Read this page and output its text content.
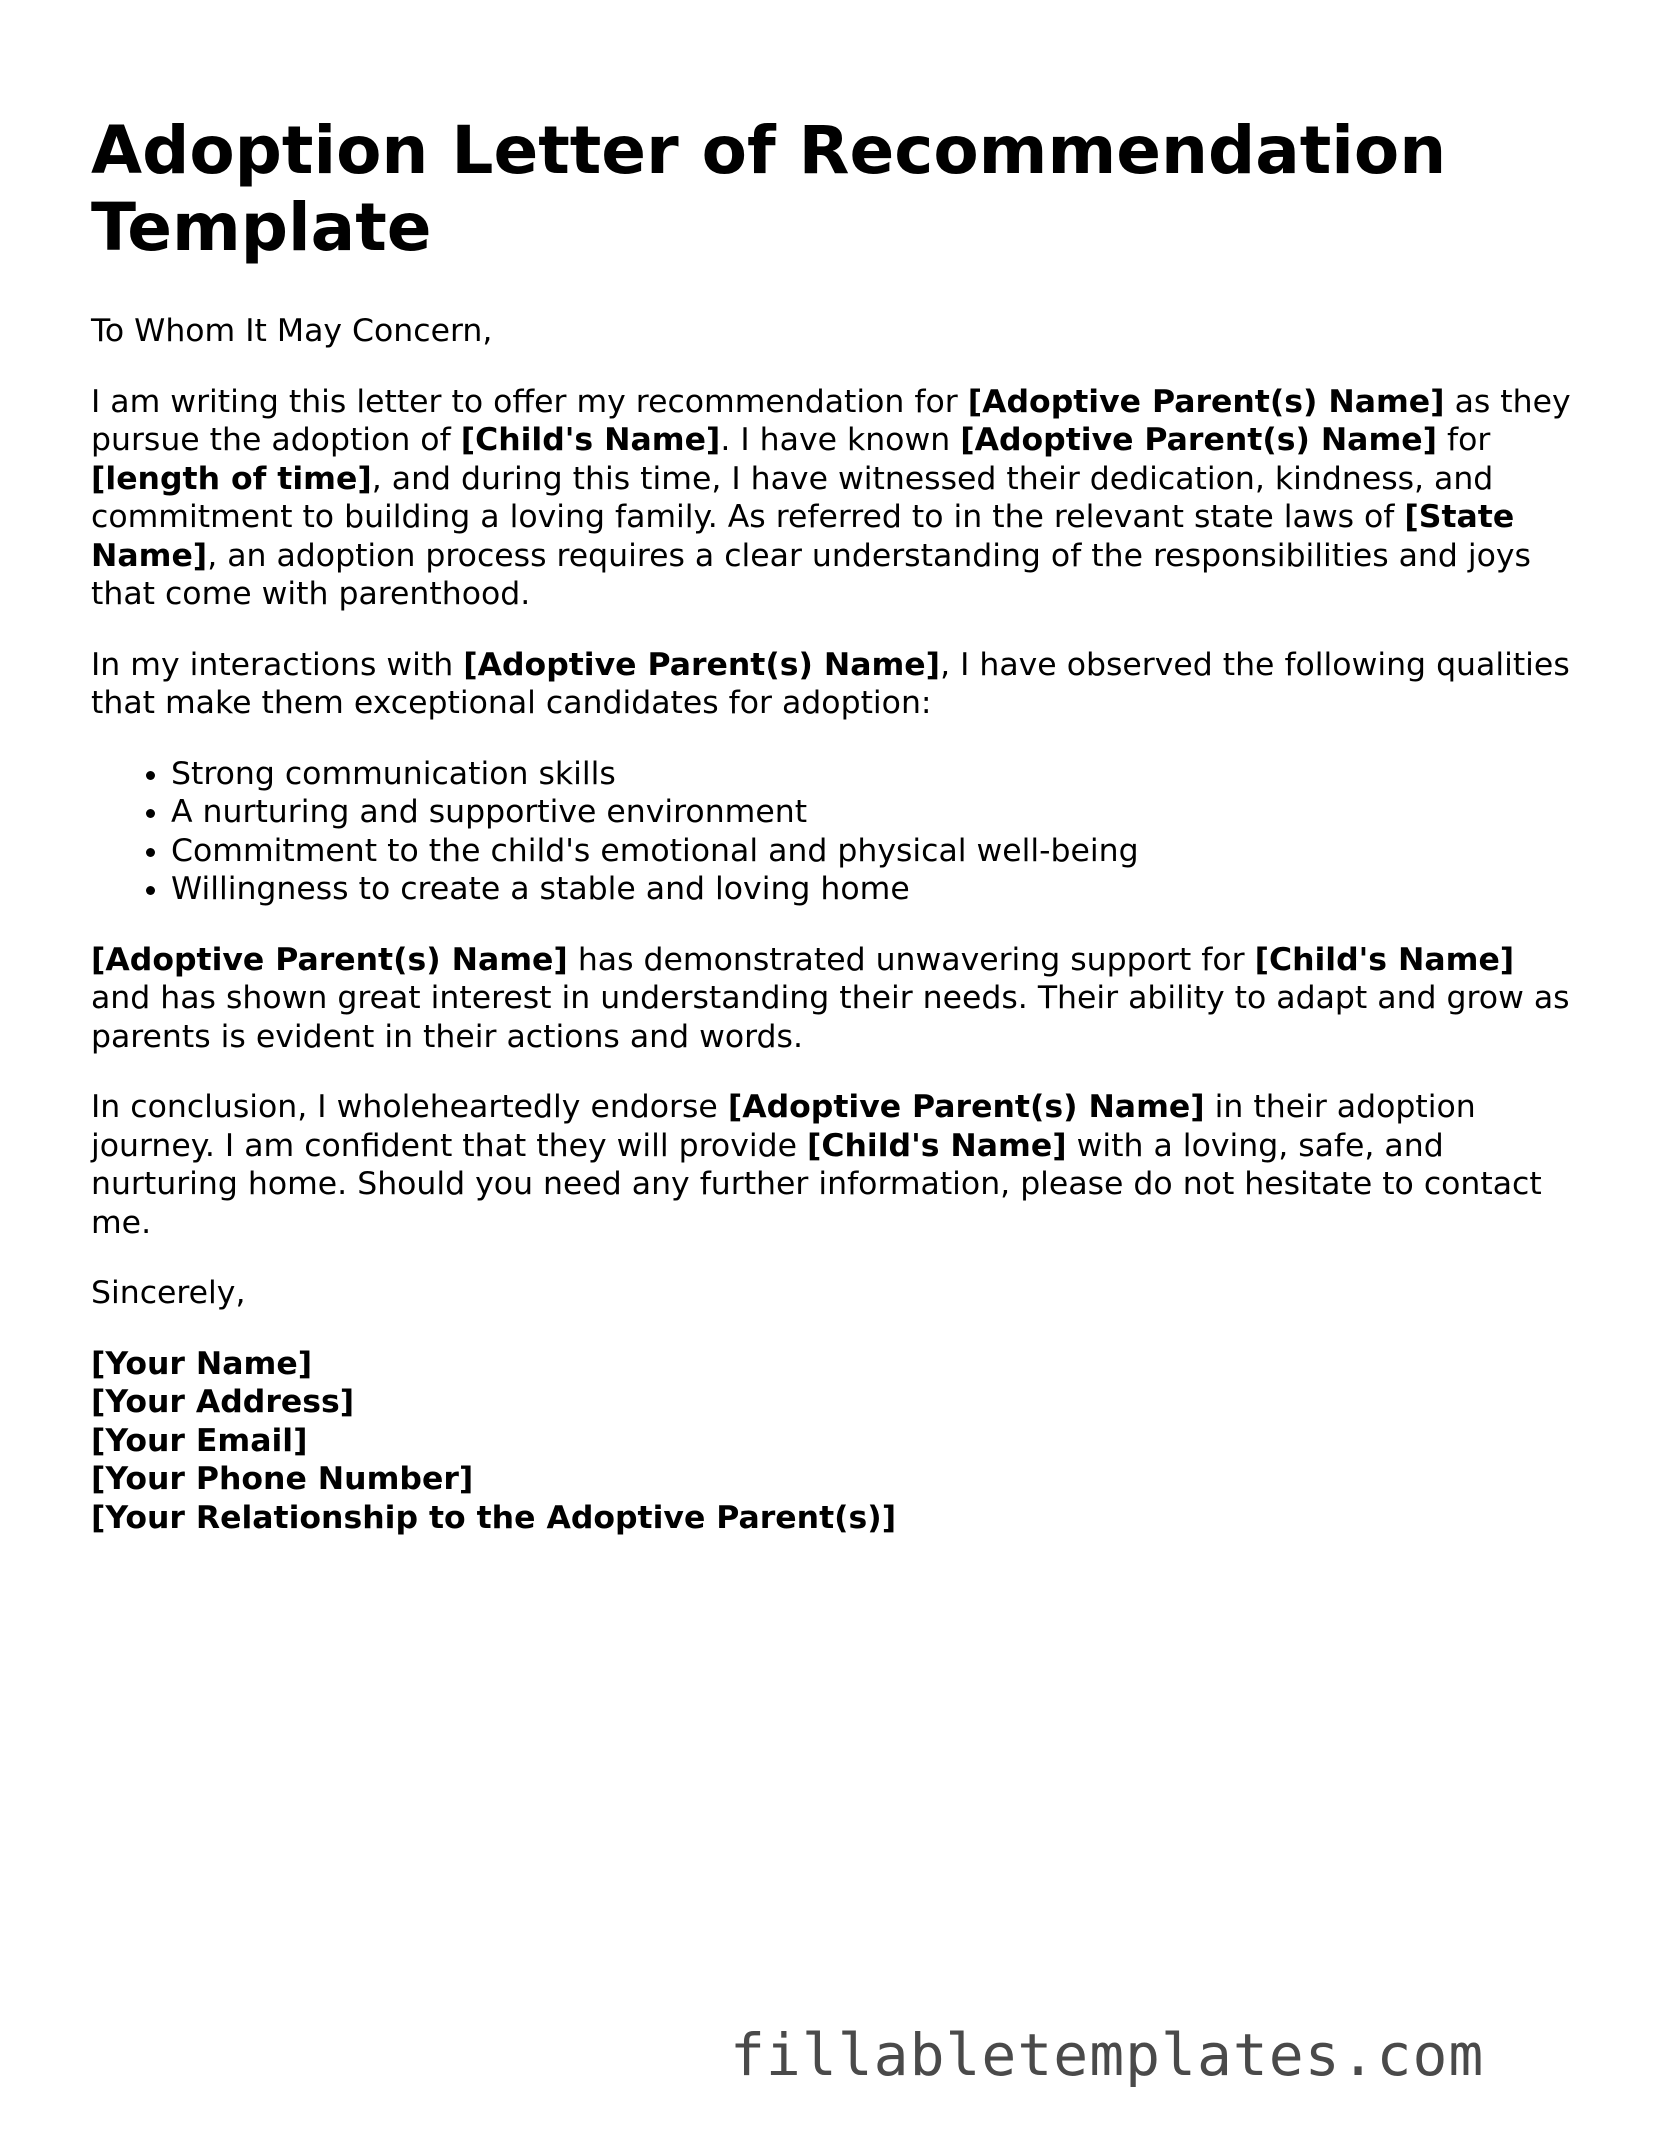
Adoption Letter of Recommendation Template

To Whom It May Concern,

I am writing this letter to offer my recommendation for [Adoptive Parent(s) Name] as they pursue the adoption of [Child's Name]. I have known [Adoptive Parent(s) Name] for [length of time], and during this time, I have witnessed their dedication, kindness, and commitment to building a loving family. As referred to in the relevant state laws of [State Name], an adoption process requires a clear understanding of the responsibilities and joys that come with parenthood.

In my interactions with [Adoptive Parent(s) Name], I have observed the following qualities that make them exceptional candidates for adoption:

• Strong communication skills
• A nurturing and supportive environment
• Commitment to the child's emotional and physical well-being
• Willingness to create a stable and loving home

[Adoptive Parent(s) Name] has demonstrated unwavering support for [Child's Name] and has shown great interest in understanding their needs. Their ability to adapt and grow as parents is evident in their actions and words.

In conclusion, I wholeheartedly endorse [Adoptive Parent(s) Name] in their adoption journey. I am confident that they will provide [Child's Name] with a loving, safe, and nurturing home. Should you need any further information, please do not hesitate to contact me.

Sincerely,

[Your Name]
[Your Address]
[Your Email]
[Your Phone Number]
[Your Relationship to the Adoptive Parent(s)]
fillabletemplates.com
